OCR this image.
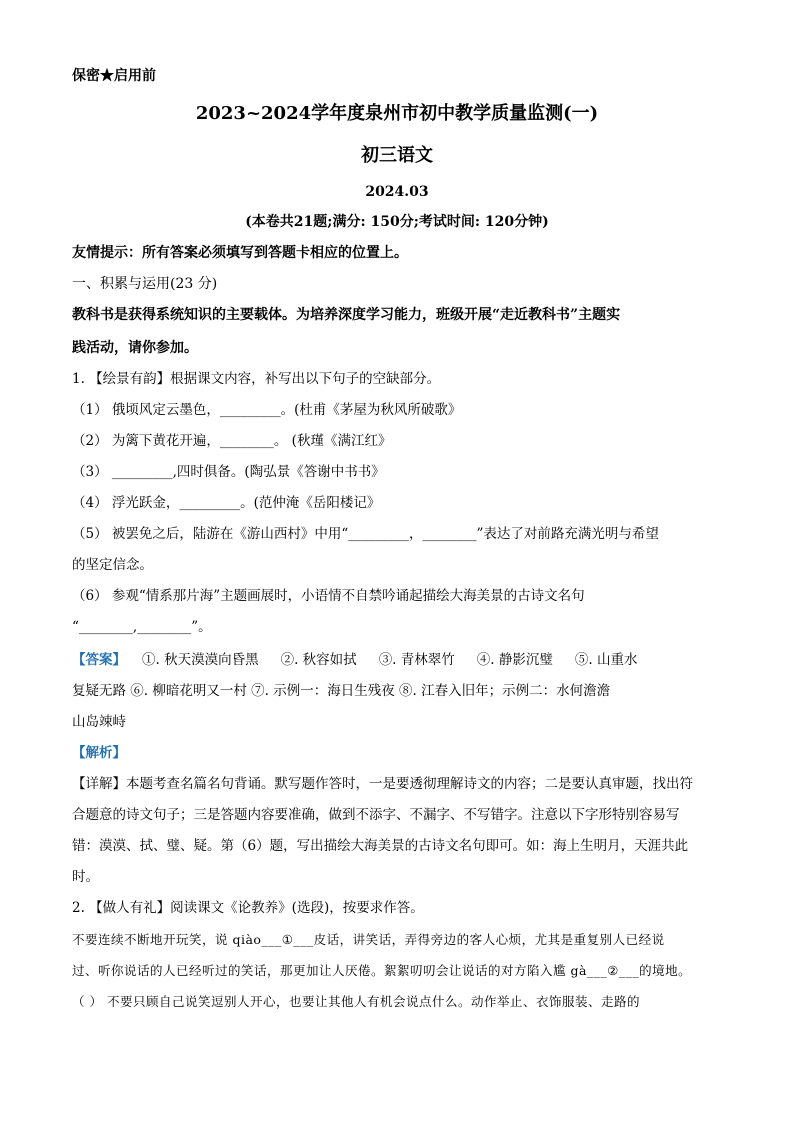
保密★启用前
2023~2024学年度泉州市初中教学质量监测(一)
初三语文
2024.03
(本卷共21题;满分: 150分;考试时间: 120分钟)
友情提示：所有答案必须填写到答题卡相应的位置上。
一、积累与运用(23 分)
教科书是获得系统知识的主要载体。为培养深度学习能力，班级开展“走近教科书”主题实
践活动，请你参加。
1. 【绘景有韵】根据课文内容，补写出以下句子的空缺部分。
（1） 俄顷风定云墨色，_________。(杜甫《茅屋为秋风所破歌》
（2） 为篱下黄花开遍，________。 (秋瑾《满江红》
（3） _________,四时俱备。(陶弘景《答谢中书书》
（4） 浮光跃金，_________。(范仲淹《岳阳楼记》
（5） 被罢免之后，陆游在《游山西村》中用“_________，________”表达了对前路充满光明与希望
的坚定信念。
（6） 参观“情系那片海”主题画展时，小语情不自禁吟诵起描绘大海美景的古诗文名句
“________,________”。
【答案】 ①. 秋天漠漠向昏黑 ②. 秋容如拭 ③. 青林翠竹 ④. 静影沉璧 ⑤. 山重水
复疑无路 ⑥. 柳暗花明又一村 ⑦. 示例一：海日生残夜 ⑧. 江春入旧年；示例二：水何澹澹
山岛竦峙
【解析】
【详解】本题考查名篇名句背诵。默写题作答时，一是要透彻理解诗文的内容；二是要认真审题，找出符
合题意的诗文句子；三是答题内容要准确，做到不添字、不漏字、不写错字。注意以下字形特别容易写
错：漠漠、拭、璧、疑。第（6）题，写出描绘大海美景的古诗文名句即可。如：海上生明月，天涯共此
时。
2. 【做人有礼】阅读课文《论教养》(选段)，按要求作答。
不要连续不断地开玩笑，说 qiào___①___皮话，讲笑话，弄得旁边的客人心烦，尤其是重复别人已经说
过、听你说话的人已经听过的笑话，那更加让人厌倦。絮絮叨叨会让说话的对方陷入尴 gà___②___的境地。
（ ） 不要只顾自己说笑逗别人开心，也要让其他人有机会说点什么。动作举止、衣饰服装、走路的
